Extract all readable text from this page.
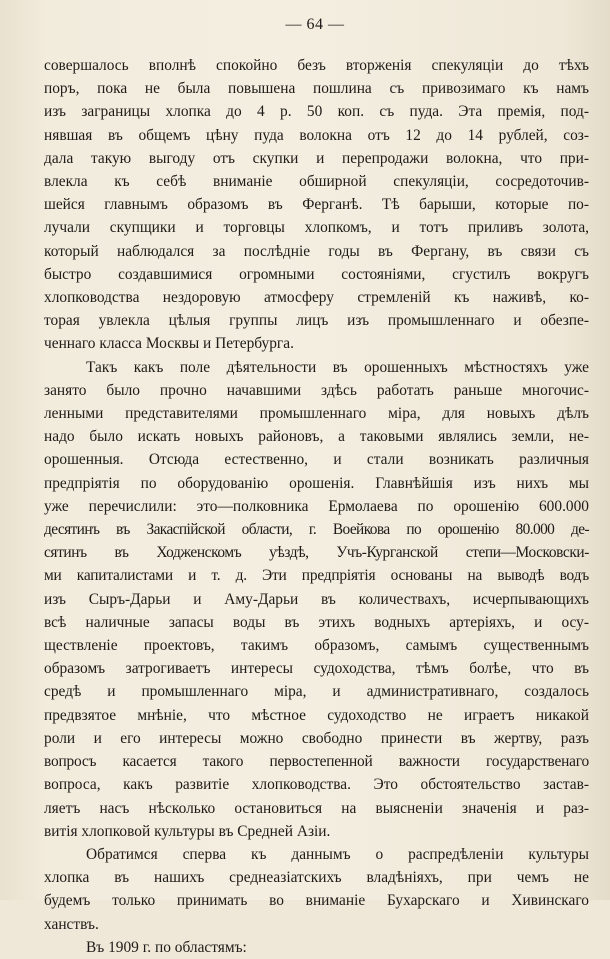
— 64 —

совершалось вполнѣ спокойно безъ вторженія спекуляціи до тѣхъ
поръ, пока не была повышена пошлина съ привозимаго къ намъ
изъ заграницы хлопка до 4 р. 50 коп. съ пуда. Эта премія, под-
нявшая въ общемъ цѣну пуда волокна отъ 12 до 14 рублей, соз-
дала такую выгоду отъ скупки и перепродажи волокна, что при-
влекла къ себѣ вниманіе обширной спекуляціи, сосредоточив-
шейся главнымъ образомъ въ Ферганѣ. Тѣ барыши, которые по-
лучали скупщики и торговцы хлопкомъ, и тотъ приливъ золота,
который наблюдался за послѣдніе годы въ Фергану, въ связи съ
быстро создавшимися огромными состояніями, сгустилъ вокругъ
хлопководства нездоровую атмосферу стремленій къ наживѣ, ко-
торая увлекла цѣлыя группы лицъ изъ промышленнаго и обезпе-
ченнаго класса Москвы и Петербурга.

Такъ какъ поле дѣятельности въ орошенныхъ мѣстностяхъ уже
занято было прочно начавшими здѣсь работать раньше многочис-
ленными представителями промышленнаго міра, для новыхъ дѣлъ
надо было искать новыхъ районовъ, а таковыми являлись земли, не-
орошенныя. Отсюда естественно, и стали возникать различныя
предпріятія по оборудованію орошенія. Главнѣйшія изъ нихъ мы
уже перечислили: это—полковника Ермолаева по орошенію 600.000
десятинъ въ Закаспійской области, г. Воейкова по орошенію 80.000 де-
сятинъ въ Ходженскомъ уѣздѣ, Учъ-Курганской степи—Московски-
ми капиталистами и т. д. Эти предпріятія основаны на выводѣ водъ
изъ Сыръ-Дарьи и Аму-Дарьи въ количествахъ, исчерпывающихъ
всѣ наличные запасы воды въ этихъ водныхъ артеріяхъ, и осу-
ществленіе проектовъ, такимъ образомъ, самымъ существеннымъ
образомъ затрогиваетъ интересы судоходства, тѣмъ болѣе, что въ
средѣ и промышленнаго міра, и административнаго, создалось
предвзятое мнѣніе, что мѣстное судоходство не играетъ никакой
роли и его интересы можно свободно принести въ жертву, разъ
вопросъ касается такого первостепенной важности государственаго
вопроса, какъ развитіе хлопководства. Это обстоятельство застав-
ляетъ насъ нѣсколько остановиться на выясненіи значенія и раз-
витія хлопковой культуры въ Средней Азіи.

Обратимся сперва къ даннымъ о распредѣленіи культуры
хлопка въ нашихъ среднеазіатскихъ владѣніяхъ, при чемъ не
будемъ только принимать во вниманіе Бухарскаго и Хивинскаго
ханствъ.

Въ 1909 г. по областямъ:
